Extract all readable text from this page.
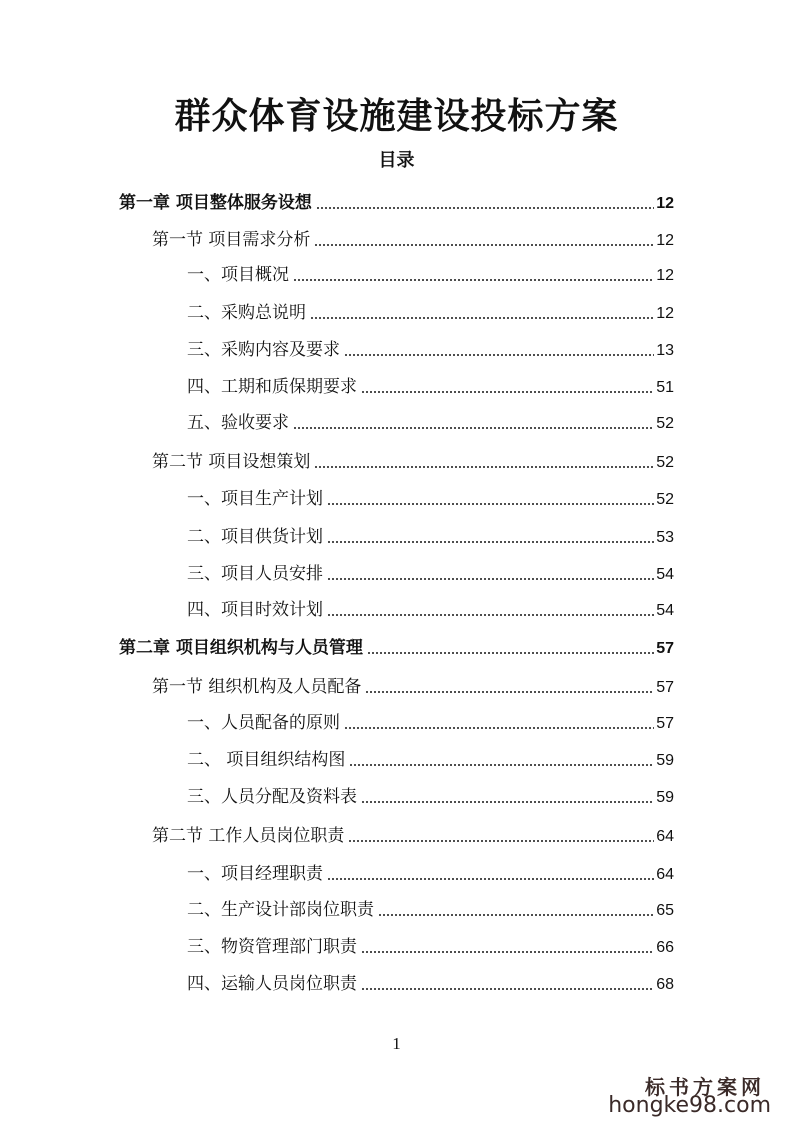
群众体育设施建设投标方案
目录
第一章 项目整体服务设想	12
第一节 项目需求分析	12
一、项目概况	12
二、采购总说明	12
三、采购内容及要求	13
四、工期和质保期要求	51
五、验收要求	52
第二节 项目设想策划	52
一、项目生产计划	52
二、项目供货计划	53
三、项目人员安排	54
四、项目时效计划	54
第二章 项目组织机构与人员管理	57
第一节 组织机构及人员配备	57
一、人员配备的原则	57
二、 项目组织结构图	59
三、人员分配及资料表	59
第二节 工作人员岗位职责	64
一、项目经理职责	64
二、生产设计部岗位职责	65
三、物资管理部门职责	66
四、运输人员岗位职责	68
1
标书方案网
hongke98.com
